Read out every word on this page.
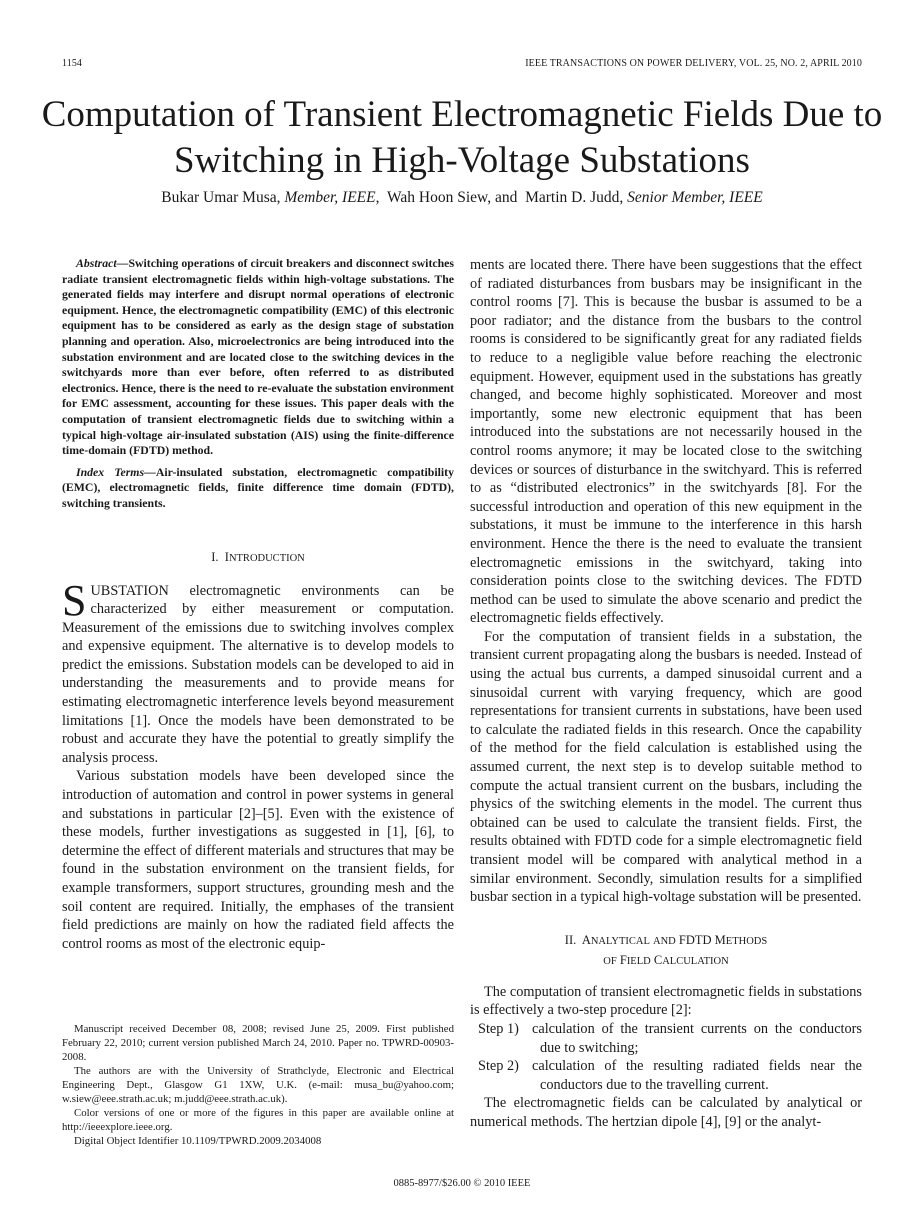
1154	IEEE TRANSACTIONS ON POWER DELIVERY, VOL. 25, NO. 2, APRIL 2010
Computation of Transient Electromagnetic Fields Due to Switching in High-Voltage Substations
Bukar Umar Musa, Member, IEEE,  Wah Hoon Siew, and  Martin D. Judd, Senior Member, IEEE

Abstract—Switching operations of circuit breakers and disconnect switches radiate transient electromagnetic fields within high-voltage substations. The generated fields may interfere and disrupt normal operations of electronic equipment. Hence, the electromagnetic compatibility (EMC) of this electronic equipment has to be considered as early as the design stage of substation planning and operation. Also, microelectronics are being introduced into the substation environment and are located close to the switching devices in the switchyards more than ever before, often referred to as distributed electronics. Hence, there is the need to re-evaluate the substation environment for EMC assessment, accounting for these issues. This paper deals with the computation of transient electromagnetic fields due to switching within a typical high-voltage air-insulated substation (AIS) using the finite-difference time-domain (FDTD) method.

Index Terms—Air-insulated substation, electromagnetic compatibility (EMC), electromagnetic fields, finite difference time domain (FDTD), switching transients.

I. INTRODUCTION

SUBSTATION electromagnetic environments can be characterized by either measurement or computation. Measurement of the emissions due to switching involves complex and expensive equipment. The alternative is to develop models to predict the emissions. Substation models can be developed to aid in understanding the measurements and to provide means for estimating electromagnetic interference levels beyond measurement limitations [1]. Once the models have been demonstrated to be robust and accurate they have the potential to greatly simplify the analysis process.

Various substation models have been developed since the introduction of automation and control in power systems in general and substations in particular [2]–[5]. Even with the existence of these models, further investigations as suggested in [1], [6], to determine the effect of different materials and structures that may be found in the substation environment on the transient fields, for example transformers, support structures, grounding mesh and the soil content are required. Initially, the emphases of the transient field predictions are mainly on how the radiated field affects the control rooms as most of the electronic equip-

Manuscript received December 08, 2008; revised June 25, 2009. First published February 22, 2010; current version published March 24, 2010. Paper no. TPWRD-00903-2008.

The authors are with the University of Strathclyde, Electronic and Electrical Engineering Dept., Glasgow G1 1XW, U.K. (e-mail: musa_bu@yahoo.com; w.siew@eee.strath.ac.uk; m.judd@eee.strath.ac.uk).

Color versions of one or more of the figures in this paper are available online at http://ieeexplore.ieee.org.

Digital Object Identifier 10.1109/TPWRD.2009.2034008

ments are located there. There have been suggestions that the effect of radiated disturbances from busbars may be insignificant in the control rooms [7]. This is because the busbar is assumed to be a poor radiator; and the distance from the busbars to the control rooms is considered to be significantly great for any radiated fields to reduce to a negligible value before reaching the electronic equipment. However, equipment used in the substations has greatly changed, and become highly sophisticated. Moreover and most importantly, some new electronic equipment that has been introduced into the substations are not necessarily housed in the control rooms anymore; it may be located close to the switching devices or sources of disturbance in the switchyard. This is referred to as “distributed electronics” in the switchyards [8]. For the successful introduction and operation of this new equipment in the substations, it must be immune to the interference in this harsh environment. Hence the there is the need to evaluate the transient electromagnetic emissions in the switchyard, taking into consideration points close to the switching devices. The FDTD method can be used to simulate the above scenario and predict the electromagnetic fields effectively.

For the computation of transient fields in a substation, the transient current propagating along the busbars is needed. Instead of using the actual bus currents, a damped sinusoidal current and a sinusoidal current with varying frequency, which are good representations for transient currents in substations, have been used to calculate the radiated fields in this research. Once the capability of the method for the field calculation is established using the assumed current, the next step is to develop suitable method to compute the actual transient current on the busbars, including the physics of the switching elements in the model. The current thus obtained can be used to calculate the transient fields. First, the results obtained with FDTD code for a simple electromagnetic field transient model will be compared with analytical method in a similar environment. Secondly, simulation results for a simplified busbar section in a typical high-voltage substation will be presented.

II. ANALYTICAL AND FDTD METHODS

OF FIELD CALCULATION

The computation of transient electromagnetic fields in substations is effectively a two-step procedure [2]:

Step 1) calculation of the transient currents on the conductors due to switching;
Step 2) calculation of the resulting radiated fields near the conductors due to the travelling current.

The electromagnetic fields can be calculated by analytical or numerical methods. The hertzian dipole [4], [9] or the analyt-

0885-8977/$26.00 © 2010 IEEE
